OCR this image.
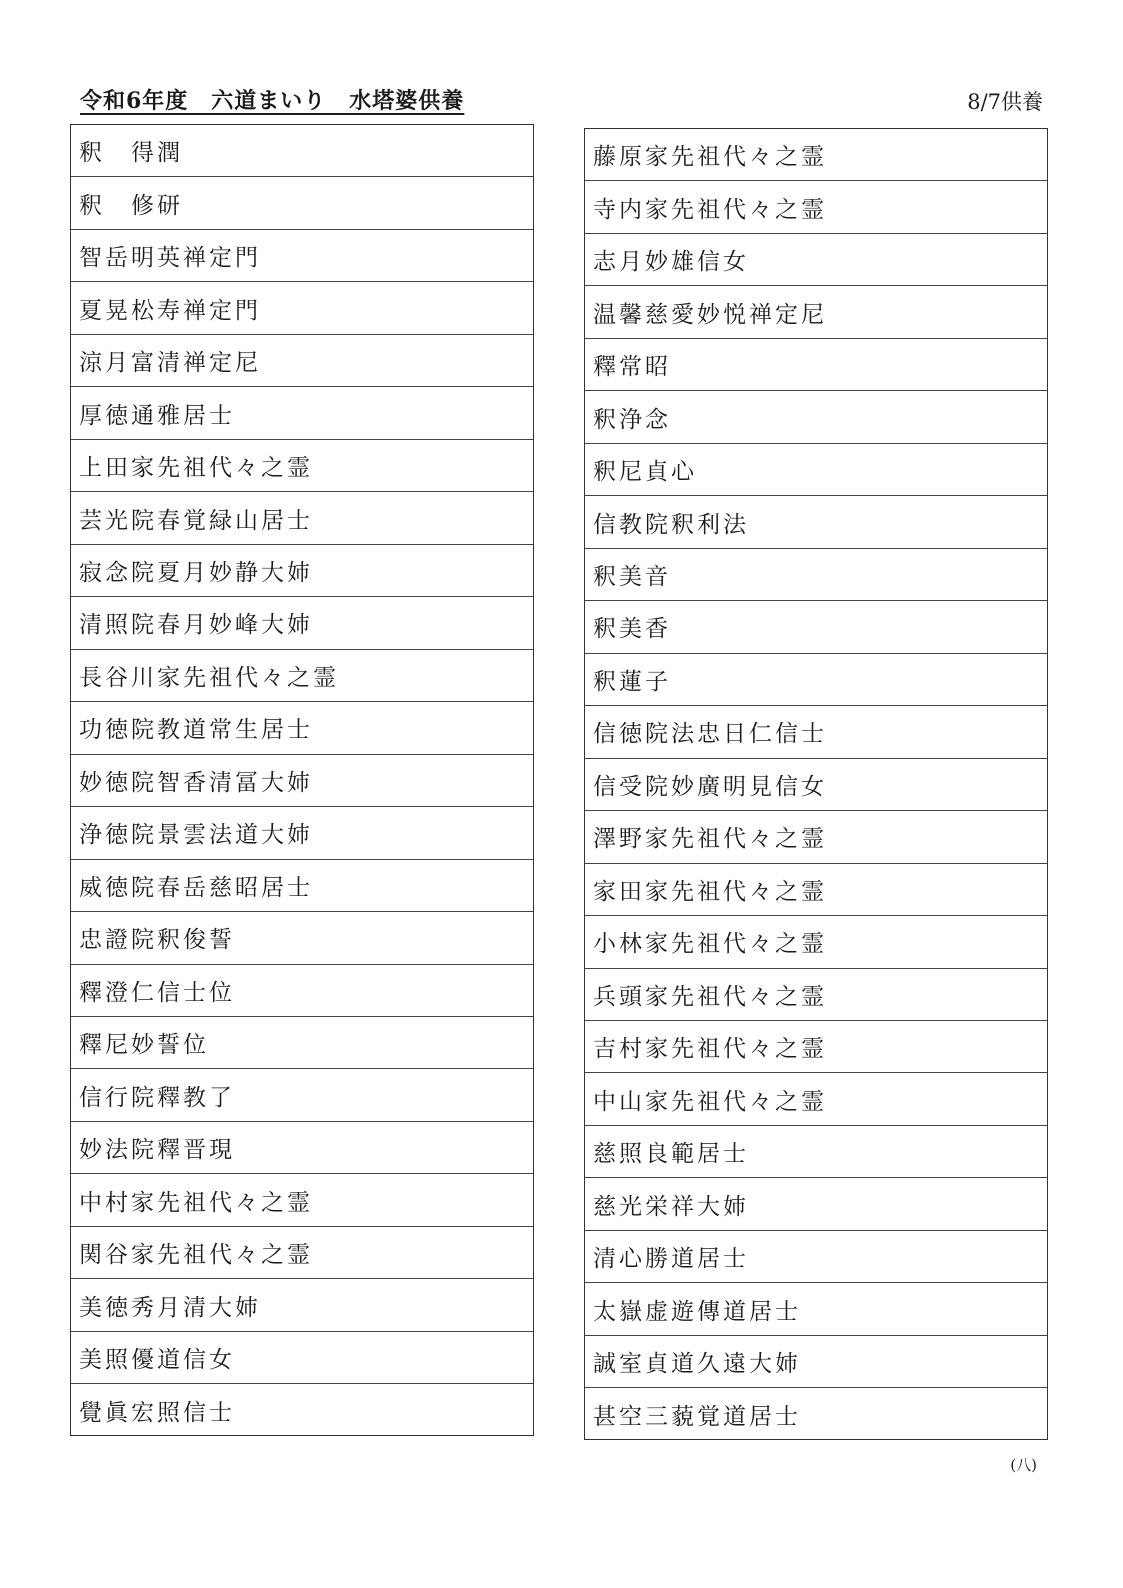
令和6年度　六道まいり　水塔婆供養	8/7供養
釈　得潤
釈　修研
智岳明英禅定門
夏晃松寿禅定門
涼月富清禅定尼
厚徳通雅居士
上田家先祖代々之霊
芸光院春覚緑山居士
寂念院夏月妙静大姉
清照院春月妙峰大姉
長谷川家先祖代々之霊
功徳院教道常生居士
妙徳院智香清冨大姉
浄徳院景雲法道大姉
威徳院春岳慈昭居士
忠證院釈俊誓
釋澄仁信士位
釋尼妙誓位
信行院釋教了
妙法院釋晋現
中村家先祖代々之霊
関谷家先祖代々之霊
美徳秀月清大姉
美照優道信女
覺眞宏照信士
藤原家先祖代々之霊
寺内家先祖代々之霊
志月妙雄信女
温馨慈愛妙悦禅定尼
釋常昭
釈浄念
釈尼貞心
信教院釈利法
釈美音
釈美香
釈蓮子
信徳院法忠日仁信士
信受院妙廣明見信女
澤野家先祖代々之霊
家田家先祖代々之霊
小林家先祖代々之霊
兵頭家先祖代々之霊
吉村家先祖代々之霊
中山家先祖代々之霊
慈照良範居士
慈光栄祥大姉
清心勝道居士
太嶽虚遊傳道居士
誠室貞道久遠大姉
甚空三藐覚道居士
(八)
